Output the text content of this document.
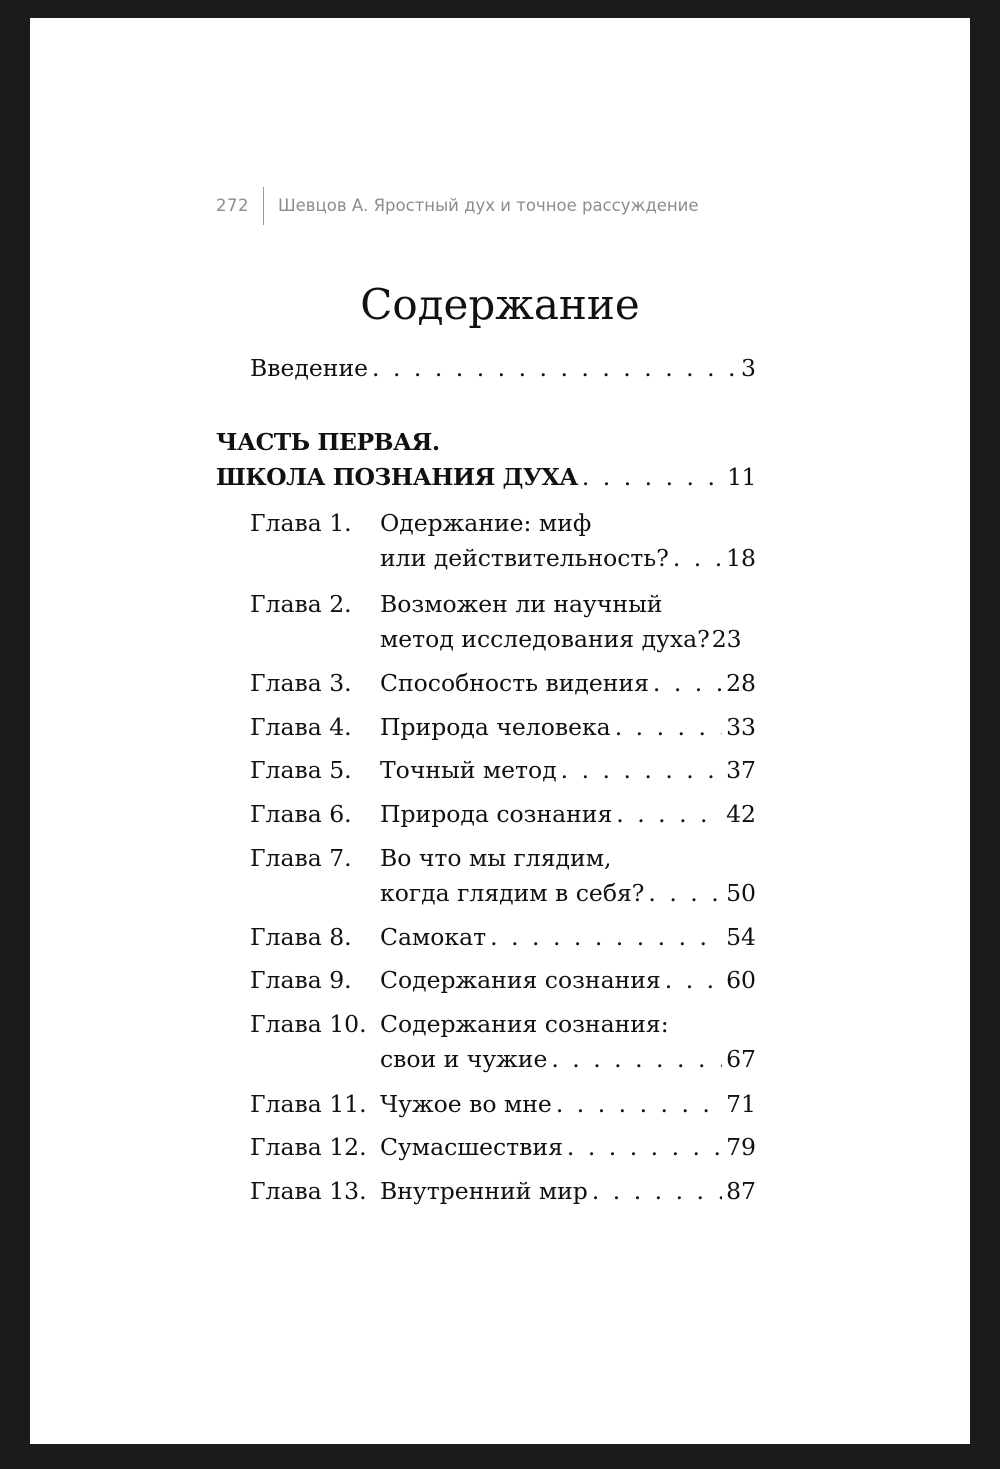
272 Шевцов А. Яростный дух и точное рассуждение
Содержание
Введение . . .	3
ЧАСТЬ ПЕРВАЯ.
ШКОЛА ПОЗНАНИЯ ДУХА . . .	11
Глава 1. Одержание: миф
или действительность? . . . 18
Глава 2. Возможен ли научный
метод исследования духа? 23
Глава 3. Способность видения . . .	28
Глава 4. Природа человека . . .	33
Глава 5. Точный метод . . .	37
Глава 6. Природа сознания . . .	42
Глава 7. Во что мы глядим,
когда глядим в себя? . . .	50
Глава 8. Самокат . . .	54
Глава 9. Содержания сознания . . .	60
Глава 10. Содержания сознания:
свои и чужие . . .	67
Глава 11. Чужое во мне . . .	71
Глава 12. Сумасшествия . . .	79
Глава 13. Внутренний мир . . .	87
